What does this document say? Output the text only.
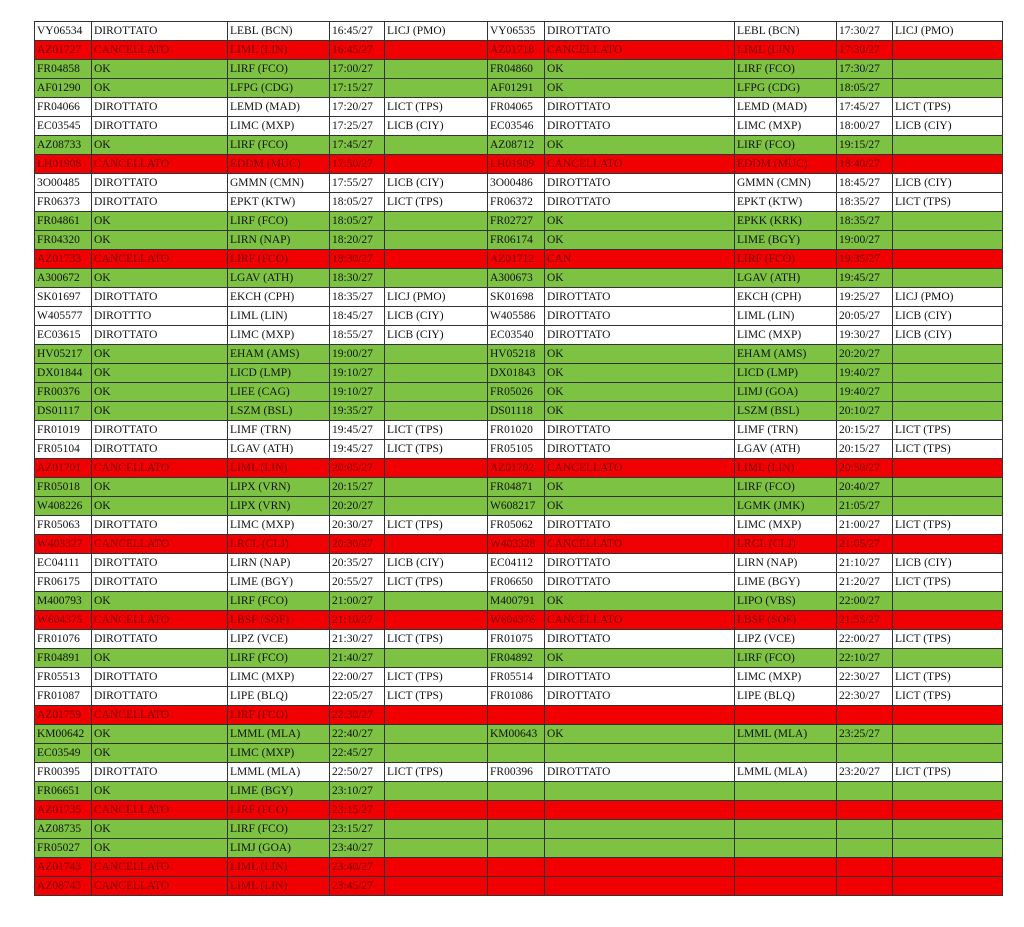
VY06534	DIROTTATO	LEBL (BCN)	16:45/27	LICJ (PMO)	VY06535	DIROTTATO	LEBL (BCN)	17:30/27	LICJ (PMO)
AZ01727	CANCELLATO	LIML (LIN)	16:45/27		AZ01718	CANCELLATO	LIML (LIN)	17:30/27	
FR04858	OK	LIRF (FCO)	17:00/27		FR04860	OK	LIRF (FCO)	17:30/27	
AF01290	OK	LFPG (CDG)	17:15/27		AF01291	OK	LFPG (CDG)	18:05/27	
FR04066	DIROTTATO	LEMD (MAD)	17:20/27	LICT (TPS)	FR04065	DIROTTATO	LEMD (MAD)	17:45/27	LICT (TPS)
EC03545	DIROTTATO	LIMC (MXP)	17:25/27	LICB (CIY)	EC03546	DIROTTATO	LIMC (MXP)	18:00/27	LICB (CIY)
AZ08733	OK	LIRF (FCO)	17:45/27		AZ08712	OK	LIRF (FCO)	19:15/27	
LH01908	CANCELLATO	EDDM (MUC)	17:50/27		LH01909	CANCELLATO	EDDM (MUC)	18:40/27	
3O00485	DIROTTATO	GMMN (CMN)	17:55/27	LICB (CIY)	3O00486	DIROTTATO	GMMN (CMN)	18:45/27	LICB (CIY)
FR06373	DIROTTATO	EPKT (KTW)	18:05/27	LICT (TPS)	FR06372	DIROTTATO	EPKT (KTW)	18:35/27	LICT (TPS)
FR04861	OK	LIRF (FCO)	18:05/27		FR02727	OK	EPKK (KRK)	18:35/27	
FR04320	OK	LIRN (NAP)	18:20/27		FR06174	OK	LIME (BGY)	19:00/27	
AZ01733	CANCELLATO	LIRF (FCO)	18:30/27		AZ01712	CAN	LIRF (FCO)	19:35/27	
A300672	OK	LGAV (ATH)	18:30/27		A300673	OK	LGAV (ATH)	19:45/27	
SK01697	DIROTTATO	EKCH (CPH)	18:35/27	LICJ (PMO)	SK01698	DIROTTATO	EKCH (CPH)	19:25/27	LICJ (PMO)
W405577	DIROTTTO	LIML (LIN)	18:45/27	LICB (CIY)	W405586	DIROTTATO	LIML (LIN)	20:05/27	LICB (CIY)
EC03615	DIROTTATO	LIMC (MXP)	18:55/27	LICB (CIY)	EC03540	DIROTTATO	LIMC (MXP)	19:30/27	LICB (CIY)
HV05217	OK	EHAM (AMS)	19:00/27		HV05218	OK	EHAM (AMS)	20:20/27	
DX01844	OK	LICD (LMP)	19:10/27		DX01843	OK	LICD (LMP)	19:40/27	
FR00376	OK	LIEE (CAG)	19:10/27		FR05026	OK	LIMJ (GOA)	19:40/27	
DS01117	OK	LSZM (BSL)	19:35/27		DS01118	OK	LSZM (BSL)	20:10/27	
FR01019	DIROTTATO	LIMF (TRN)	19:45/27	LICT (TPS)	FR01020	DIROTTATO	LIMF (TRN)	20:15/27	LICT (TPS)
FR05104	DIROTTATO	LGAV (ATH)	19:45/27	LICT (TPS)	FR05105	DIROTTATO	LGAV (ATH)	20:15/27	LICT (TPS)
AZ01701	CANCELLATO	LIML (LIN)	20:05/27		AZ01702	CANCELLATO	LIML (LIN)	20:50/27	
FR05018	OK	LIPX (VRN)	20:15/27		FR04871	OK	LIRF (FCO)	20:40/27	
W408226	OK	LIPX (VRN)	20:20/27		W608217	OK	LGMK (JMK)	21:05/27	
FR05063	DIROTTATO	LIMC (MXP)	20:30/27	LICT (TPS)	FR05062	DIROTTATO	LIMC (MXP)	21:00/27	LICT (TPS)
W403327	CANCELLATO	LRCL (CLJ)	20:30/27		W403328	CANCELLATO	LRCL (CLJ)	21:05/27	
EC04111	DIROTTATO	LIRN (NAP)	20:35/27	LICB (CIY)	EC04112	DIROTTATO	LIRN (NAP)	21:10/27	LICB (CIY)
FR06175	DIROTTATO	LIME (BGY)	20:55/27	LICT (TPS)	FR06650	DIROTTATO	LIME (BGY)	21:20/27	LICT (TPS)
M400793	OK	LIRF (FCO)	21:00/27		M400791	OK	LIPO (VBS)	22:00/27	
W604375	CANCELLATO	LBSF (SOF)	21:10/27		W604376	CANCELLATO	LBSF (SOF)	21:55/27	
FR01076	DIROTTATO	LIPZ (VCE)	21:30/27	LICT (TPS)	FR01075	DIROTTATO	LIPZ (VCE)	22:00/27	LICT (TPS)
FR04891	OK	LIRF (FCO)	21:40/27		FR04892	OK	LIRF (FCO)	22:10/27	
FR05513	DIROTTATO	LIMC (MXP)	22:00/27	LICT (TPS)	FR05514	DIROTTATO	LIMC (MXP)	22:30/27	LICT (TPS)
FR01087	DIROTTATO	LIPE (BLQ)	22:05/27	LICT (TPS)	FR01086	DIROTTATO	LIPE (BLQ)	22:30/27	LICT (TPS)
AZ01759	CANCELLATO	LIRF (FCO)	22:30/27						
KM00642	OK	LMML (MLA)	22:40/27		KM00643	OK	LMML (MLA)	23:25/27	
EC03549	OK	LIMC (MXP)	22:45/27						
FR00395	DIROTTATO	LMML (MLA)	22:50/27	LICT (TPS)	FR00396	DIROTTATO	LMML (MLA)	23:20/27	LICT (TPS)
FR06651	OK	LIME (BGY)	23:10/27						
AZ01735	CANCELLATO	LIRF (FCO)	23:15/27						
AZ08735	OK	LIRF (FCO)	23:15/27						
FR05027	OK	LIMJ (GOA)	23:40/27						
AZ01743	CANCELLATO	LIML (LIN)	23:40/27						
AZ08743	CANCELLATO	LIML (LIN)	23:45/27						
